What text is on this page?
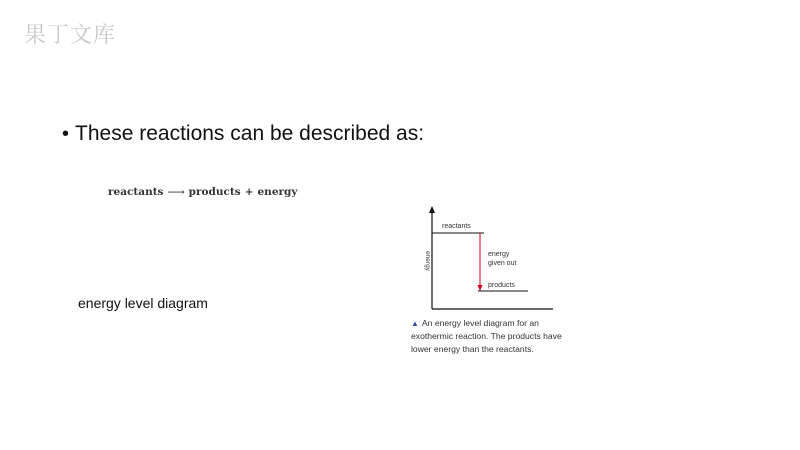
果丁文库
• These reactions can be described as:
reactants ⟶ products + energy
energy level diagram
energy
reactants
products
energy
given out
▲ An energy level diagram for an exothermic reaction. The products have lower energy than the reactants.
